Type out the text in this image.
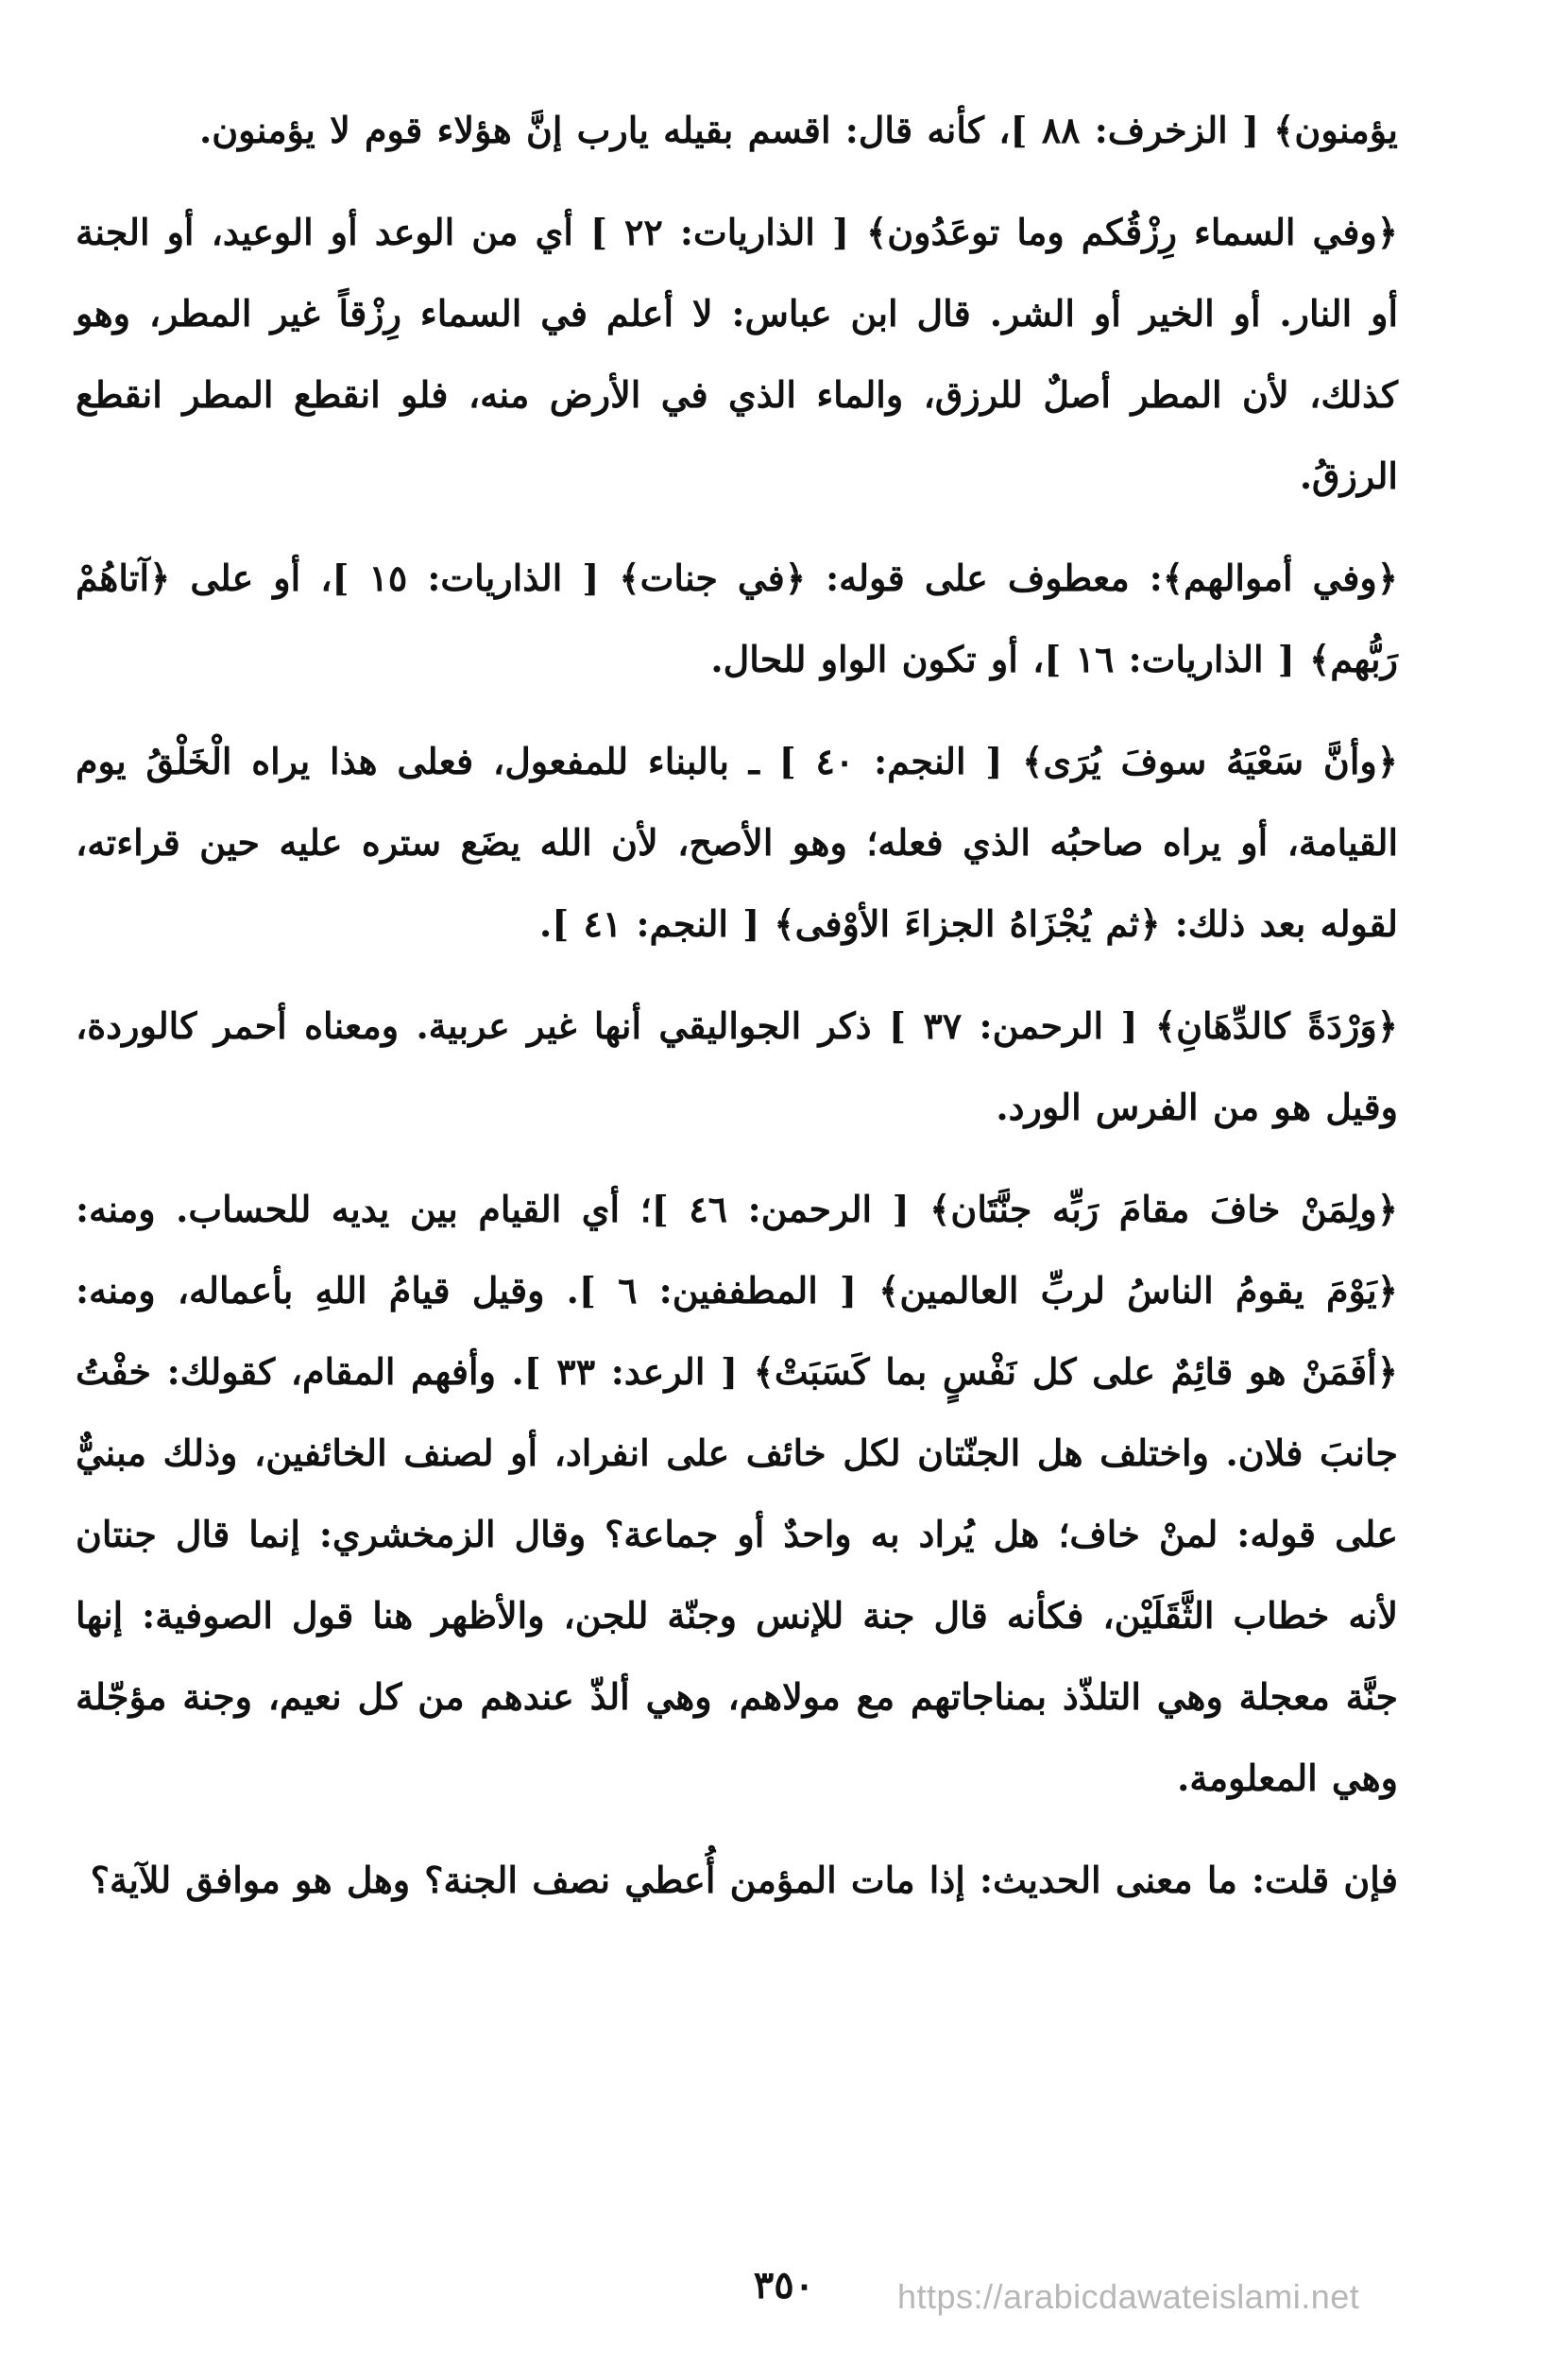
يؤمنون﴾ [ الزخرف: ٨٨ ]، كأنه قال: اقسم بقيله يارب إنَّ هؤلاء قوم لا يؤمنون.

﴿وفي السماء رِزْقُكم وما توعَدُون﴾ [ الذاريات: ٢٢ ] أي من الوعد أو الوعيد، أو الجنة أو النار. أو الخير أو الشر. قال ابن عباس: لا أعلم في السماء رِزْقاً غير المطر، وهو كذلك، لأن المطر أصلٌ للرزق، والماء الذي في الأرض منه، فلو انقطع المطر انقطع الرزقُ.

﴿وفي أموالهم﴾: معطوف على قوله: ﴿في جنات﴾ [ الذاريات: ١٥ ]، أو على ﴿آتاهُمْ رَبُّهم﴾ [ الذاريات: ١٦ ]، أو تكون الواو للحال.

﴿وأنَّ سَعْيَهُ سوفَ يُرَى﴾ [ النجم: ٤٠ ] ـ بالبناء للمفعول، فعلى هذا يراه الْخَلْقُ يوم القيامة، أو يراه صاحبُه الذي فعله؛ وهو الأصح، لأن الله يضَع ستره عليه حين قراءته، لقوله بعد ذلك: ﴿ثم يُجْزَاهُ الجزاءَ الأوْفى﴾ [ النجم: ٤١ ].

﴿وَرْدَةً كالدِّهَانِ﴾ [ الرحمن: ٣٧ ] ذكر الجواليقي أنها غير عربية. ومعناه أحمر كالوردة، وقيل هو من الفرس الورد.

﴿ولِمَنْ خافَ مقامَ رَبِّه جنَّتَان﴾ [ الرحمن: ٤٦ ]؛ أي القيام بين يديه للحساب. ومنه: ﴿يَوْمَ يقومُ الناسُ لربِّ العالمين﴾ [ المطففين: ٦ ]. وقيل قيامُ اللهِ بأعماله، ومنه: ﴿أفَمَنْ هو قائِمٌ على كل نَفْسٍ بما كَسَبَتْ﴾ [ الرعد: ٣٣ ]. وأفهم المقام، كقولك: خفْتُ جانبَ فلان. واختلف هل الجنّتان لكل خائف على انفراد، أو لصنف الخائفين، وذلك مبنيٌّ على قوله: لمنْ خاف؛ هل يُراد به واحدٌ أو جماعة؟ وقال الزمخشري: إنما قال جنتان لأنه خطاب الثَّقَلَيْن، فكأنه قال جنة للإنس وجنّة للجن، والأظهر هنا قول الصوفية: إنها جنَّة معجلة وهي التلذّذ بمناجاتهم مع مولاهم، وهي ألذّ عندهم من كل نعيم، وجنة مؤجّلة وهي المعلومة.

فإن قلت: ما معنى الحديث: إذا مات المؤمن أُعطي نصف الجنة؟ وهل هو موافق للآية؟

٣٥٠	https://arabicdawateislami.net
